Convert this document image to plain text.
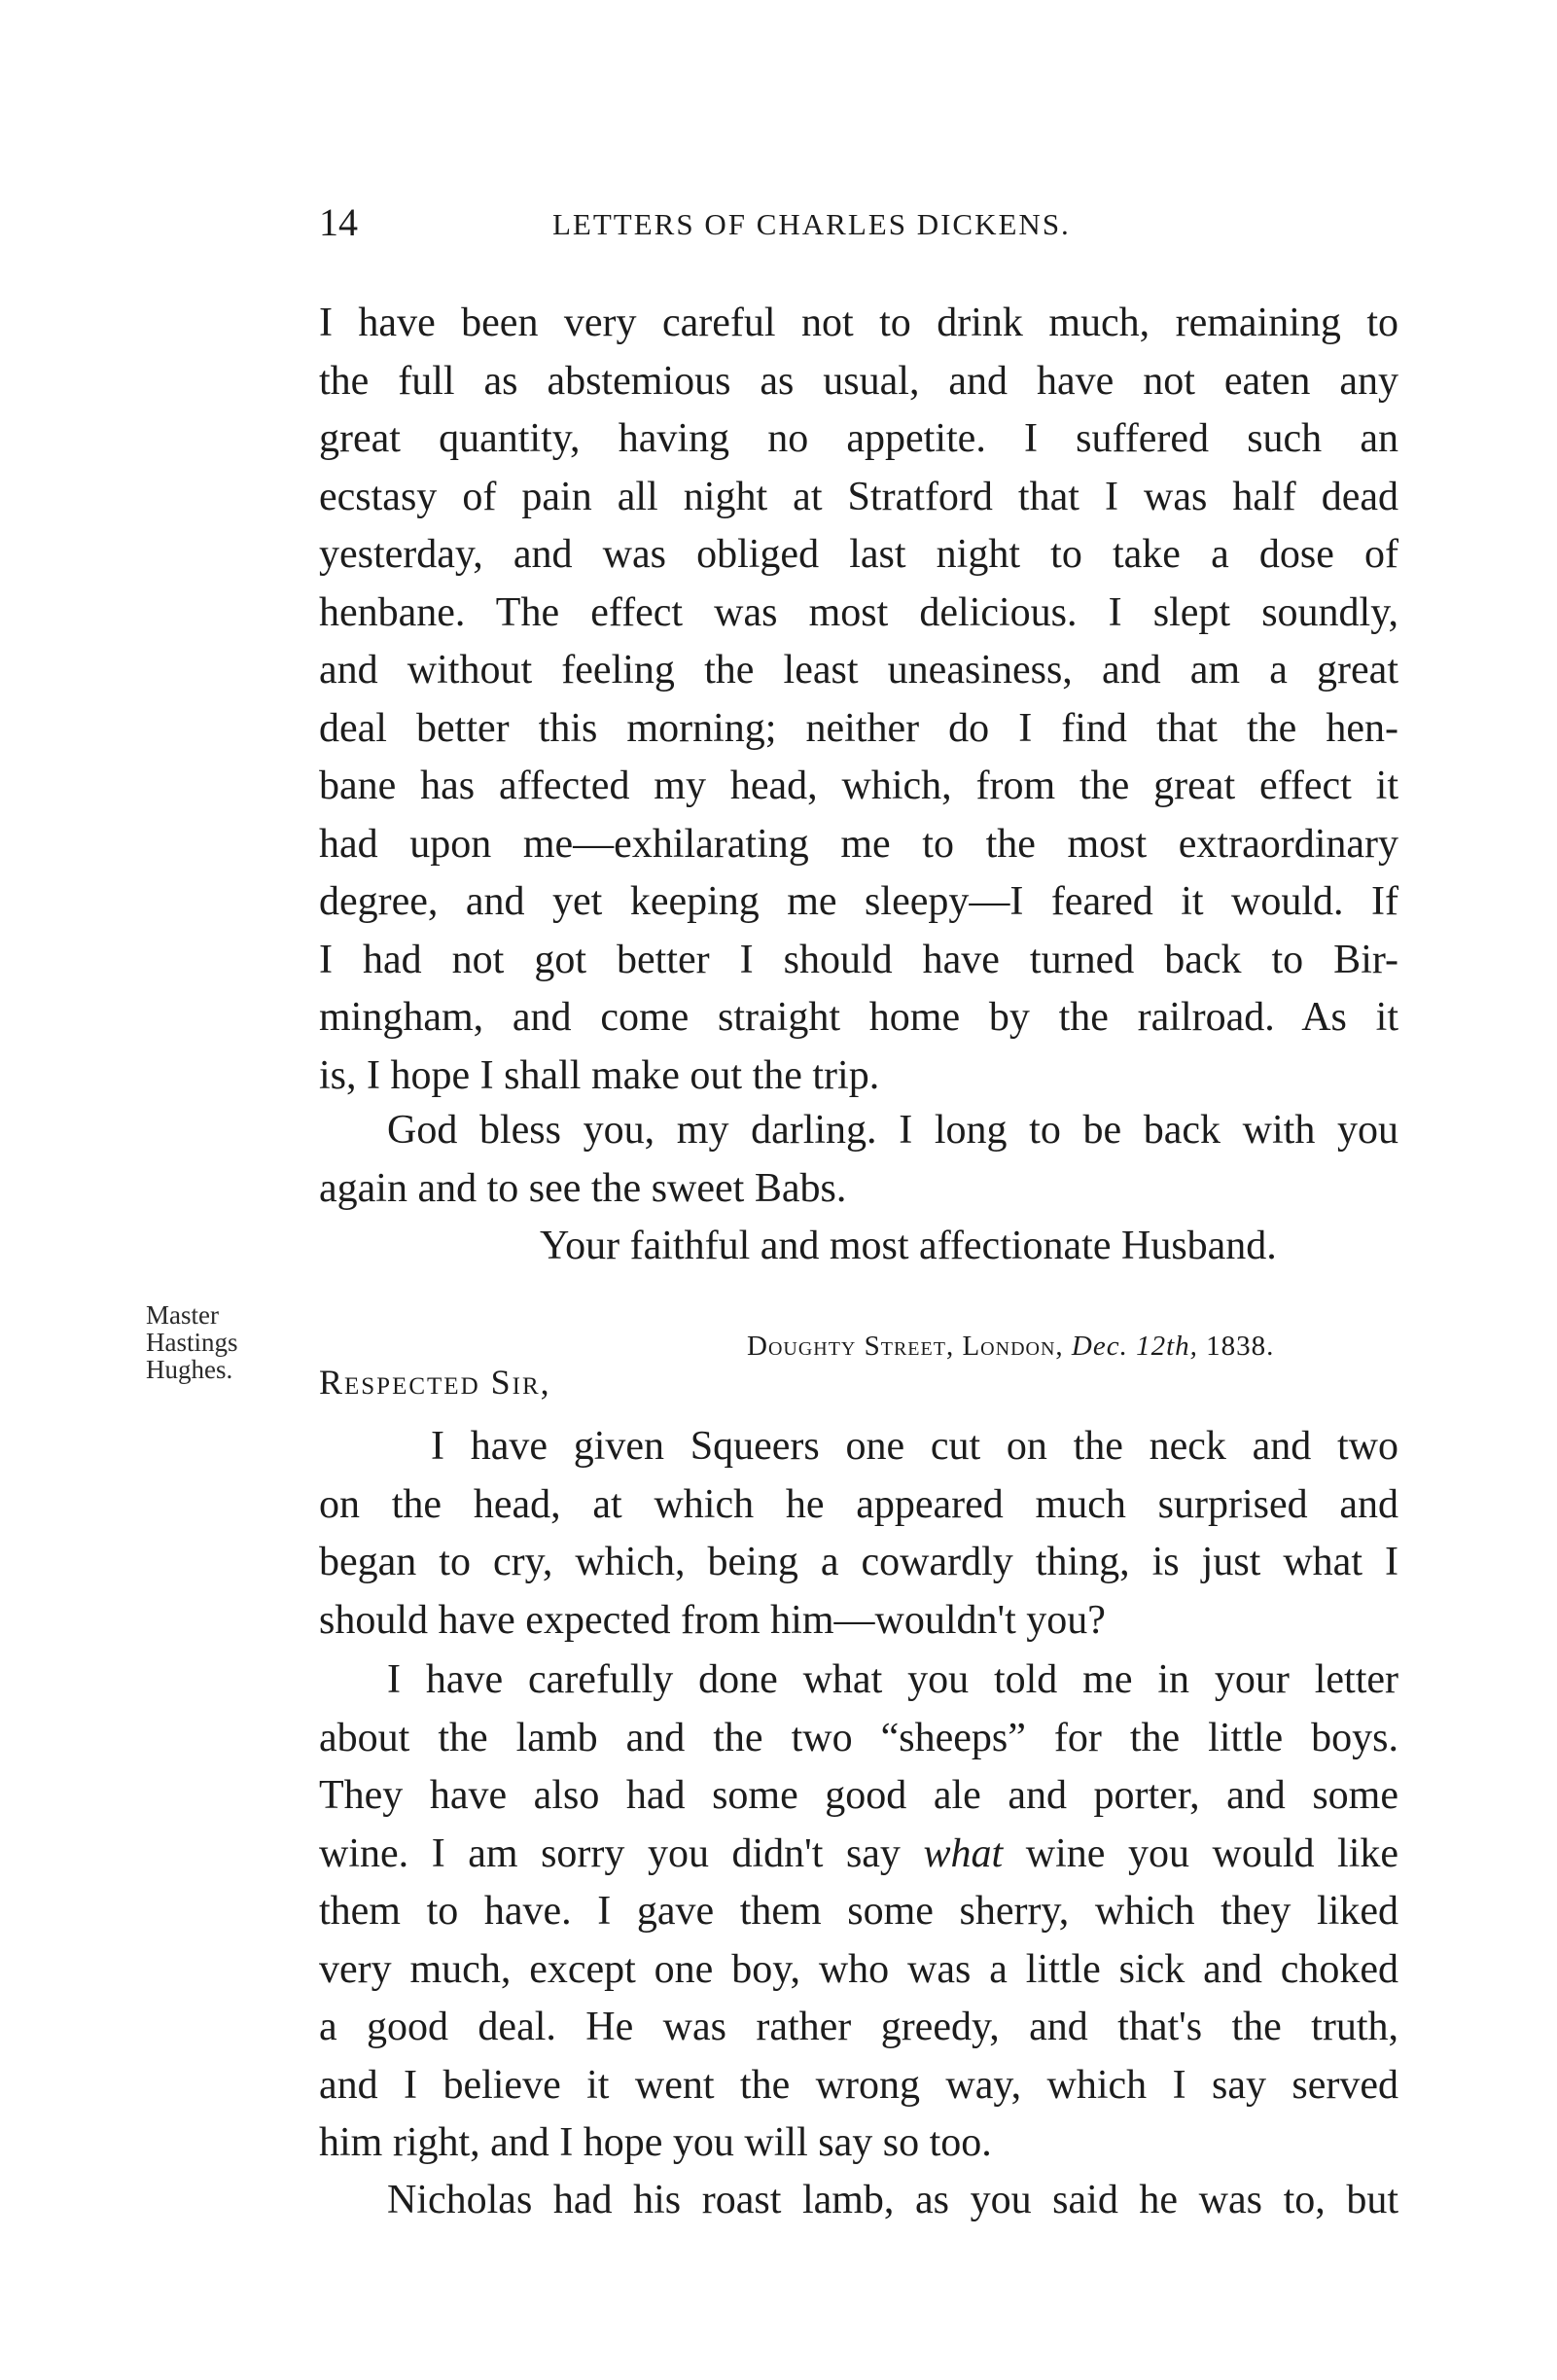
14	LETTERS OF CHARLES DICKENS.
I have been very careful not to drink much, remaining to
the full as abstemious as usual, and have not eaten any
great quantity, having no appetite. I suffered such an
ecstasy of pain all night at Stratford that I was half dead
yesterday, and was obliged last night to take a dose of
henbane. The effect was most delicious. I slept soundly,
and without feeling the least uneasiness, and am a great
deal better this morning; neither do I find that the hen-
bane has affected my head, which, from the great effect it
had upon me—exhilarating me to the most extraordinary
degree, and yet keeping me sleepy—I feared it would. If
I had not got better I should have turned back to Bir-
mingham, and come straight home by the railroad. As it
is, I hope I shall make out the trip.
God bless you, my darling. I long to be back with you
again and to see the sweet Babs.
Your faithful and most affectionate Husband.
Master
Hastings
Hughes.
Doughty Street, London, Dec. 12th, 1838.
Respected Sir,
I have given Squeers one cut on the neck and two
on the head, at which he appeared much surprised and
began to cry, which, being a cowardly thing, is just what I
should have expected from him—wouldn't you?
I have carefully done what you told me in your letter
about the lamb and the two “sheeps” for the little boys.
They have also had some good ale and porter, and some
wine. I am sorry you didn't say what wine you would like
them to have. I gave them some sherry, which they liked
very much, except one boy, who was a little sick and choked
a good deal. He was rather greedy, and that's the truth,
and I believe it went the wrong way, which I say served
him right, and I hope you will say so too.
Nicholas had his roast lamb, as you said he was to, but
